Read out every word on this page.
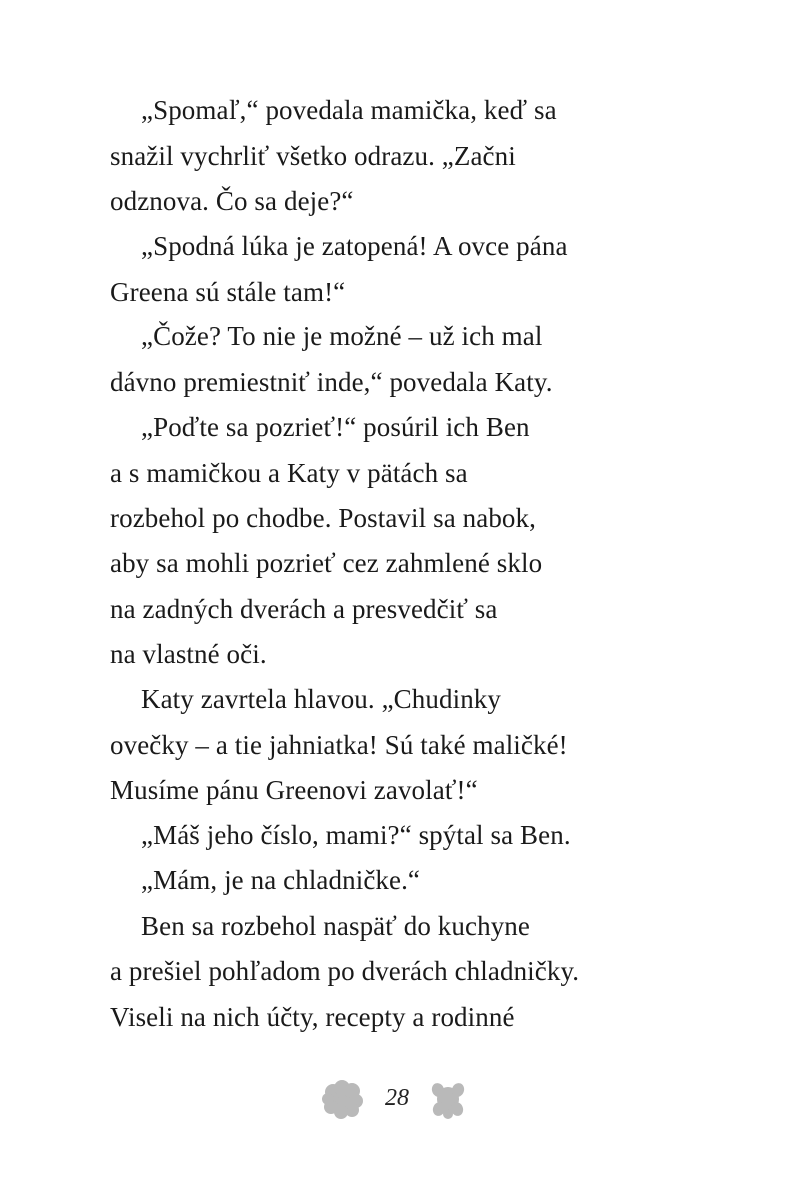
„Spomaľ,“ povedala mamička, keď sa
snažil vychrliť všetko odrazu. „Začni
odznova. Čo sa deje?“
„Spodná lúka je zatopená! A ovce pána
Greena sú stále tam!“
„Čože? To nie je možné – už ich mal
dávno premiestniť inde,“ povedala Katy.
„Poďte sa pozrieť!“ posúril ich Ben
a s mamičkou a Katy v pätách sa
rozbehol po chodbe. Postavil sa nabok,
aby sa mohli pozrieť cez zahmlené sklo
na zadných dverách a presvedčiť sa
na vlastné oči.
Katy zavrtela hlavou. „Chudinky
ovečky – a tie jahniatka! Sú také maličké!
Musíme pánu Greenovi zavolať!“
„Máš jeho číslo, mami?“ spýtal sa Ben.
„Mám, je na chladničke.“
Ben sa rozbehol naspäť do kuchyne
a prešiel pohľadom po dverách chladničky.
Viseli na nich účty, recepty a rodinné
28
